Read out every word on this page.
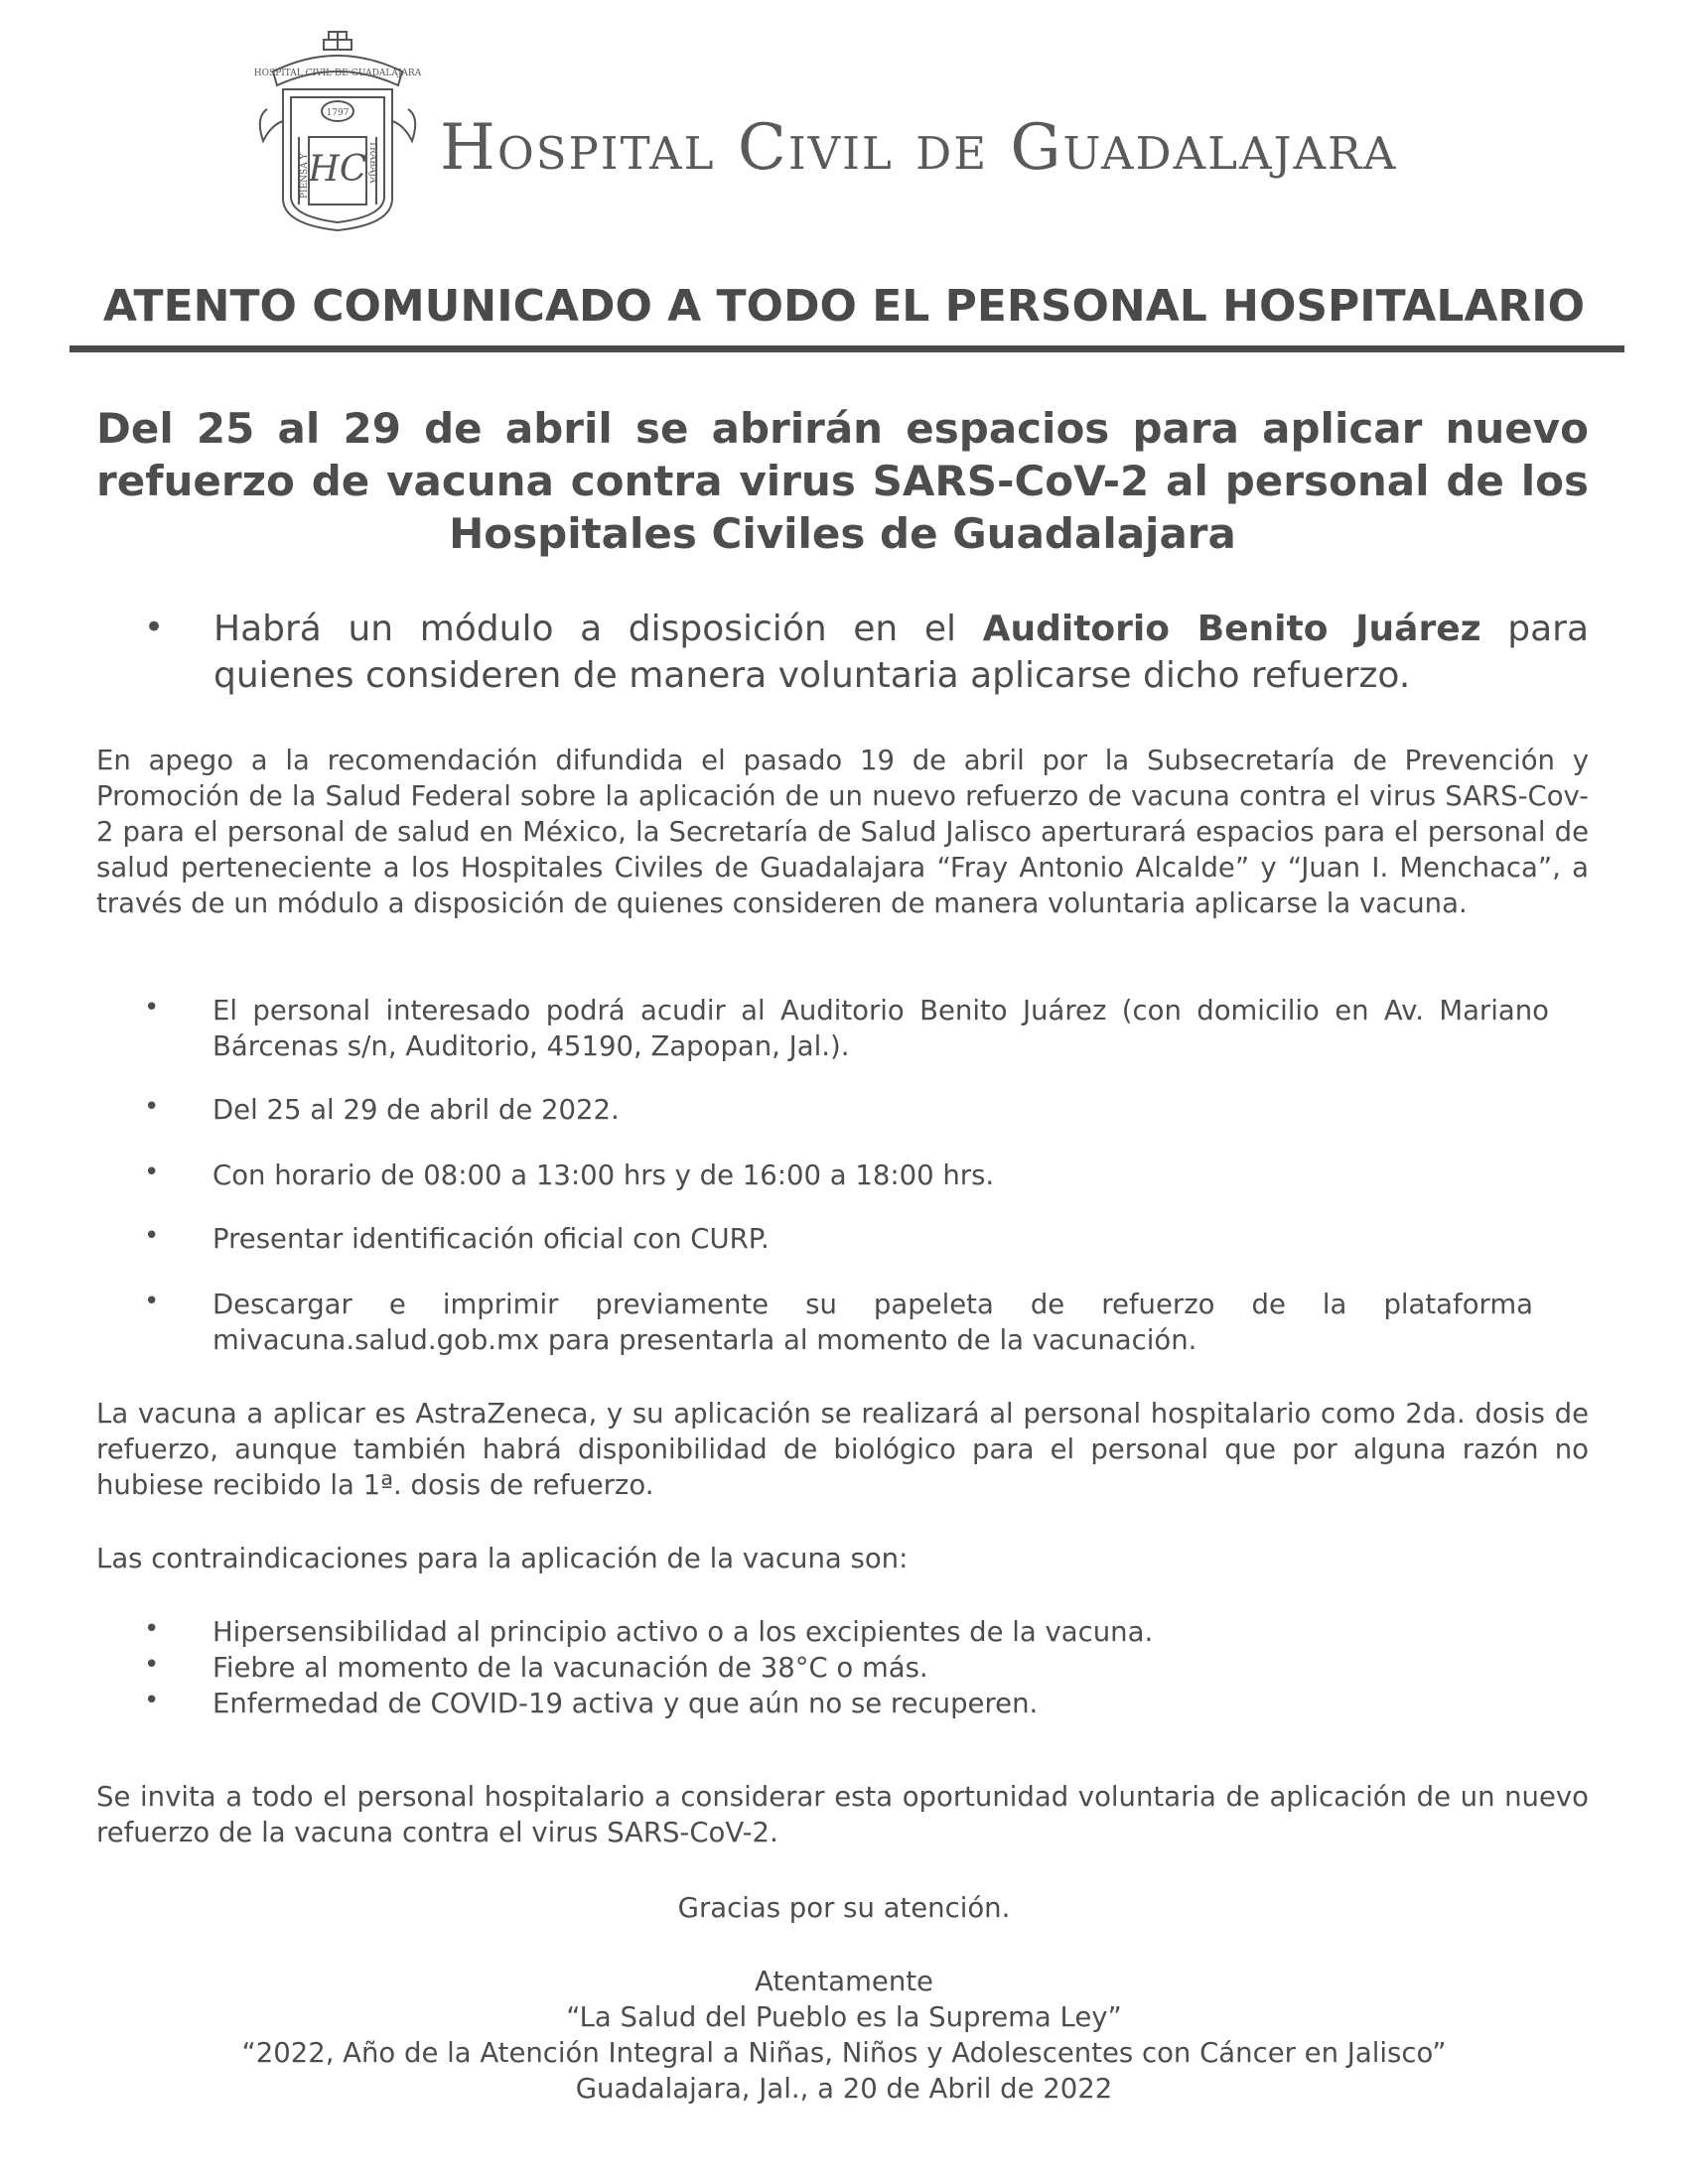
HOSPITAL CIVIL DE GUADALAJARA
1797
HC
PIENSA Y	TRABAJA Hospital Civil de Guadalajara
ATENTO COMUNICADO A TODO EL PERSONAL HOSPITALARIO
Del 25 al 29 de abril se abrirán espacios para aplicar nuevo refuerzo de vacuna contra virus SARS-CoV-2 al personal de los Hospitales Civiles de Guadalajara
• Habrá un módulo a disposición en el Auditorio Benito Juárez para quienes consideren de manera voluntaria aplicarse dicho refuerzo.
En apego a la recomendación difundida el pasado 19 de abril por la Subsecretaría de Prevención y Promoción de la Salud Federal sobre la aplicación de un nuevo refuerzo de vacuna contra el virus SARS-Cov-2 para el personal de salud en México, la Secretaría de Salud Jalisco aperturará espacios para el personal de salud perteneciente a los Hospitales Civiles de Guadalajara “Fray Antonio Alcalde” y “Juan I. Menchaca”, a través de un módulo a disposición de quienes consideren de manera voluntaria aplicarse la vacuna.
• El personal interesado podrá acudir al Auditorio Benito Juárez (con domicilio en Av. Mariano Bárcenas s/n, Auditorio, 45190, Zapopan, Jal.).
• Del 25 al 29 de abril de 2022.
• Con horario de 08:00 a 13:00 hrs y de 16:00 a 18:00 hrs.
• Presentar identificación oficial con CURP.
• Descargar e imprimir previamente su papeleta de refuerzo de la plataforma mivacuna.salud.gob.mx para presentarla al momento de la vacunación.
La vacuna a aplicar es AstraZeneca, y su aplicación se realizará al personal hospitalario como 2da. dosis de refuerzo, aunque también habrá disponibilidad de biológico para el personal que por alguna razón no hubiese recibido la 1ª. dosis de refuerzo.
Las contraindicaciones para la aplicación de la vacuna son:
• Hipersensibilidad al principio activo o a los excipientes de la vacuna.
• Fiebre al momento de la vacunación de 38°C o más.
• Enfermedad de COVID-19 activa y que aún no se recuperen.
Se invita a todo el personal hospitalario a considerar esta oportunidad voluntaria de aplicación de un nuevo refuerzo de la vacuna contra el virus SARS-CoV-2.
Gracias por su atención.
Atentamente
“La Salud del Pueblo es la Suprema Ley”
“2022, Año de la Atención Integral a Niñas, Niños y Adolescentes con Cáncer en Jalisco”
Guadalajara, Jal., a 20 de Abril de 2022
